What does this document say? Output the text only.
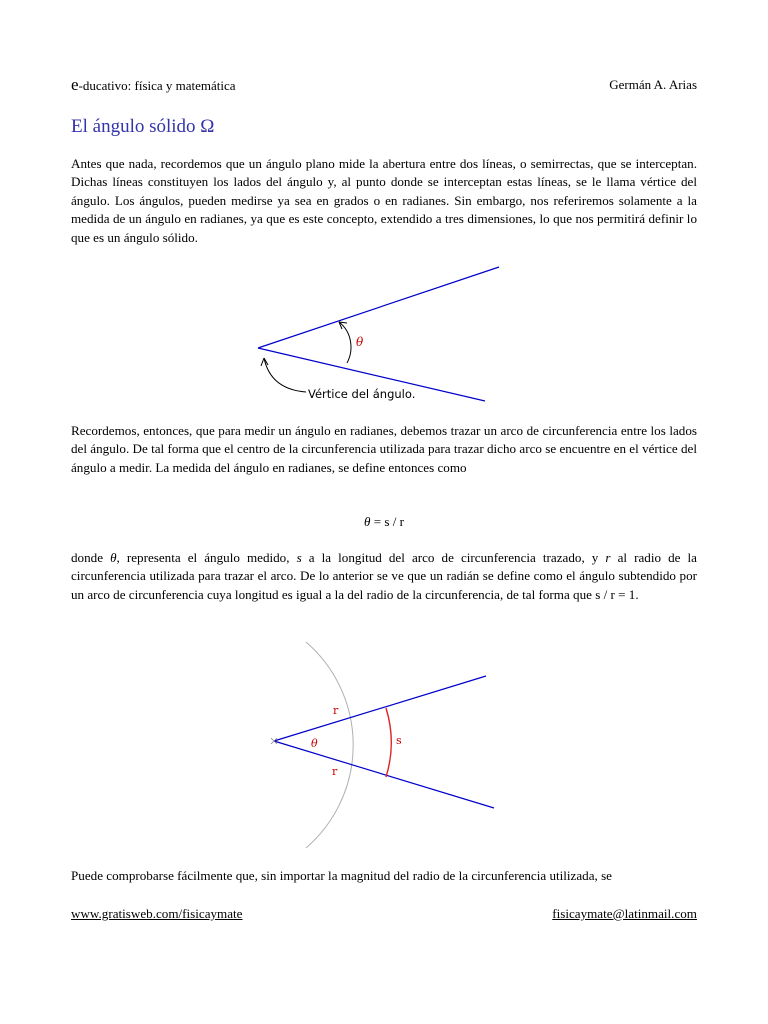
e-ducativo: física y matemática	Germán A. Arias
El ángulo sólido Ω

Antes que nada, recordemos que un ángulo plano mide la abertura entre dos líneas, o semirrectas, que se interceptan. Dichas líneas constituyen los lados del ángulo y, al punto donde se interceptan estas líneas, se le llama vértice del ángulo. Los ángulos, pueden medirse ya sea en grados o en radianes. Sin embargo, nos referiremos solamente a la medida de un ángulo en radianes, ya que es este concepto, extendido a tres dimensiones, lo que nos permitirá definir lo que es un ángulo sólido.

θ
Vértice del ángulo.

Recordemos, entonces, que para medir un ángulo en radianes, debemos trazar un arco de circunferencia entre los lados del ángulo. De tal forma que el centro de la circunferencia utilizada para trazar dicho arco se encuentre en el vértice del ángulo a medir. La medida del ángulo en radianes, se define entonces como

θ = s / r

donde θ, representa el ángulo medido, s a la longitud del arco de circunferencia trazado, y r al radio de la circunferencia utilizada para trazar el arco. De lo anterior se ve que un radián se define como el ángulo subtendido por un arco de circunferencia cuya longitud es igual a la del radio de la circunferencia, de tal forma que s / r = 1.

r
r
θ	s

Puede comprobarse fácilmente que, sin importar la magnitud del radio de la circunferencia utilizada, se

www.gratisweb.com/fisicaymate	fisicaymate@latinmail.com
